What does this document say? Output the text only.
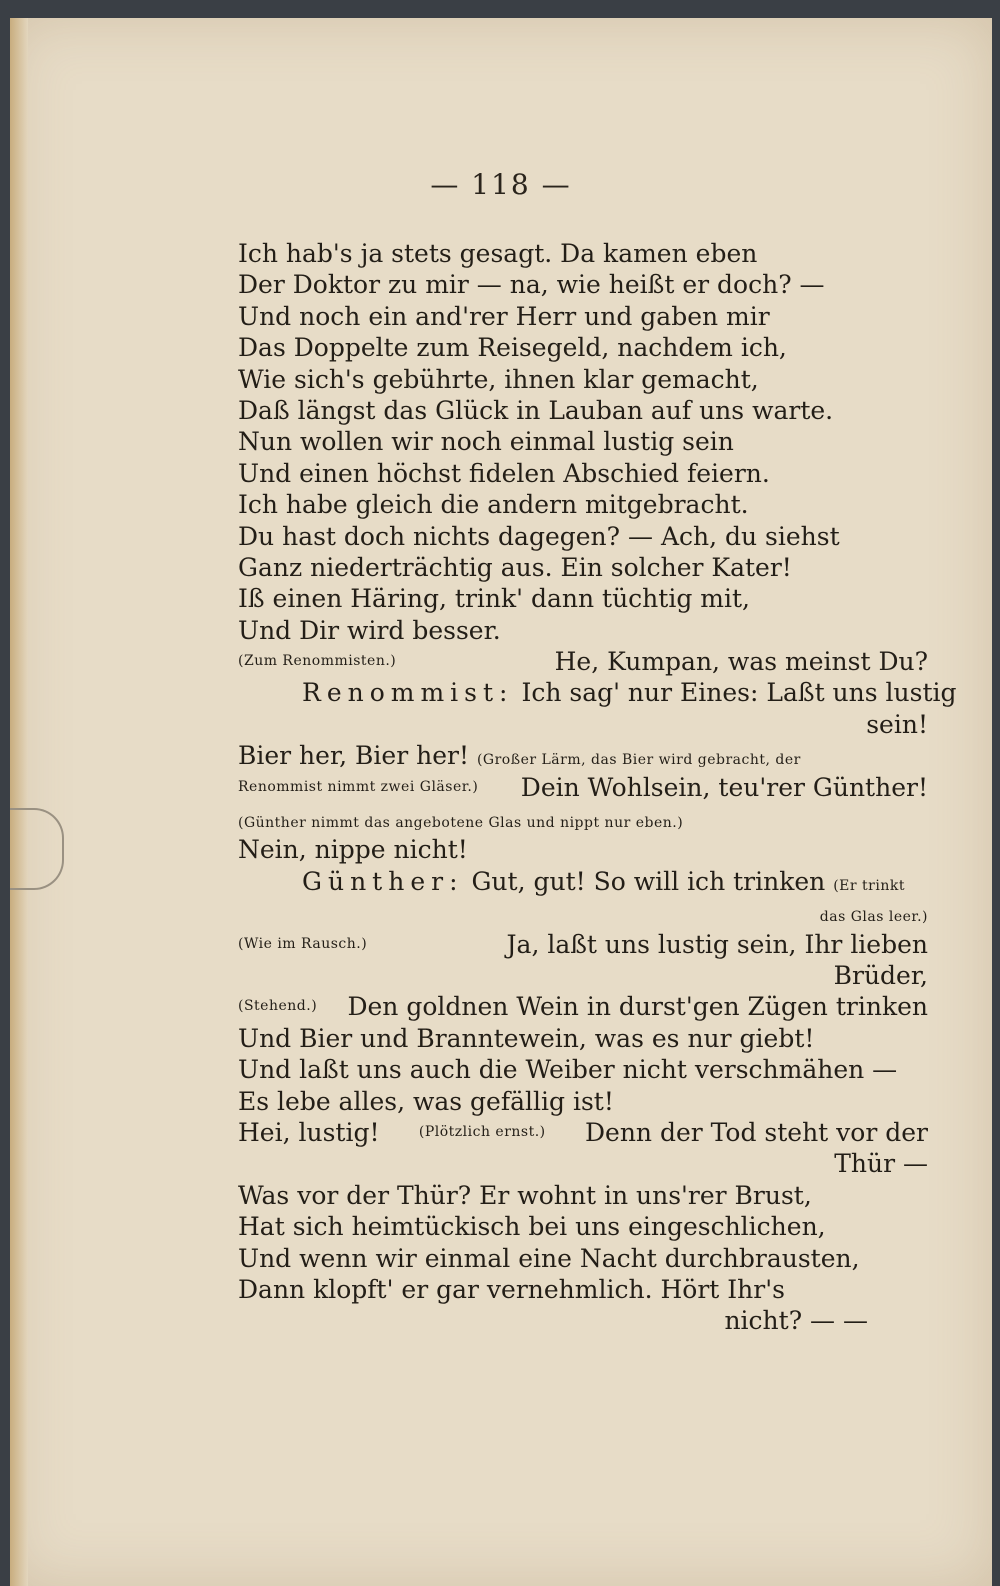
— 118 —
Ich hab's ja stets gesagt. Da kamen eben
Der Doktor zu mir — na, wie heißt er doch? —
Und noch ein and'rer Herr und gaben mir
Das Doppelte zum Reisegeld, nachdem ich,
Wie sich's gebührte, ihnen klar gemacht,
Daß längst das Glück in Lauban auf uns warte.
Nun wollen wir noch einmal lustig sein
Und einen höchst fidelen Abschied feiern.
Ich habe gleich die andern mitgebracht.
Du hast doch nichts dagegen? — Ach, du siehst
Ganz niederträchtig aus. Ein solcher Kater!
Iß einen Häring, trink' dann tüchtig mit,
Und Dir wird besser.
(Zum Renommisten.)	He, Kumpan, was meinst Du?
Renommist: Ich sag' nur Eines: Laßt uns lustig
sein!
Bier her, Bier her! (Großer Lärm, das Bier wird gebracht, der
Renommist nimmt zwei Gläser.) Dein Wohlsein, teu'rer Günther!
(Günther nimmt das angebotene Glas und nippt nur eben.)
Nein, nippe nicht!
Günther: Gut, gut! So will ich trinken (Er trinkt
das Glas leer.)
(Wie im Rausch.)	Ja, laßt uns lustig sein, Ihr lieben
Brüder,
(Stehend.) Den goldnen Wein in durst'gen Zügen trinken
Und Bier und Branntewein, was es nur giebt!
Und laßt uns auch die Weiber nicht verschmähen —
Es lebe alles, was gefällig ist!
Hei, lustig!	(Plötzlich ernst.) Denn der Tod steht vor der
Thür —
Was vor der Thür? Er wohnt in uns'rer Brust,
Hat sich heimtückisch bei uns eingeschlichen,
Und wenn wir einmal eine Nacht durchbrausten,
Dann klopft' er gar vernehmlich. Hört Ihr's
nicht? — —
